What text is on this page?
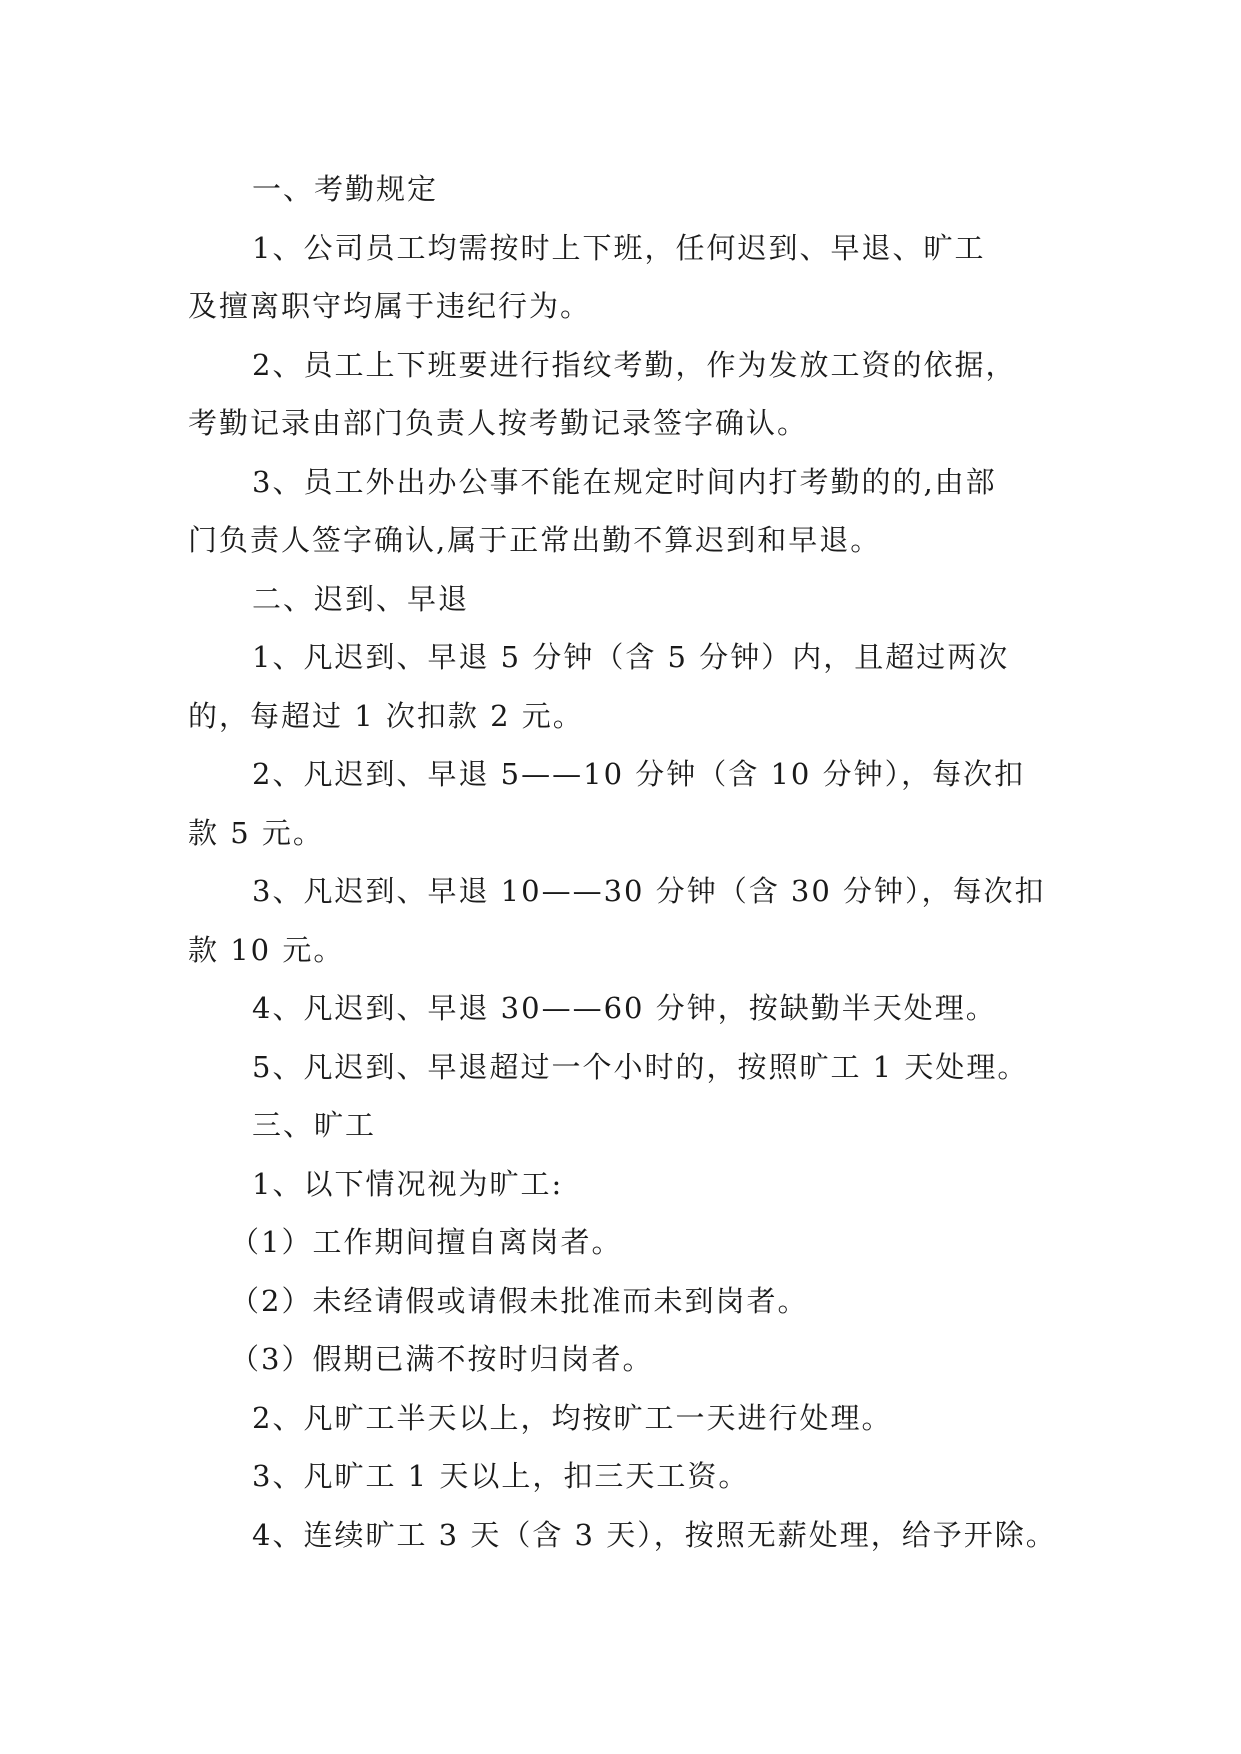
一、考勤规定

1、公司员工均需按时上下班，任何迟到、早退、旷工

及擅离职守均属于违纪行为。

2、员工上下班要进行指纹考勤，作为发放工资的依据，

考勤记录由部门负责人按考勤记录签字确认。

3、员工外出办公事不能在规定时间内打考勤的的,由部

门负责人签字确认,属于正常出勤不算迟到和早退。

二、迟到、早退

1、凡迟到、早退 5 分钟（含 5 分钟）内，且超过两次

的，每超过 1 次扣款 2 元。

2、凡迟到、早退 5——10 分钟（含 10 分钟），每次扣

款 5 元。

3、凡迟到、早退 10——30 分钟（含 30 分钟），每次扣

款 10 元。

4、凡迟到、早退 30——60 分钟，按缺勤半天处理。

5、凡迟到、早退超过一个小时的，按照旷工 1 天处理。

三、旷工

1、以下情况视为旷工:

（1）工作期间擅自离岗者。

（2）未经请假或请假未批准而未到岗者。

（3）假期已满不按时归岗者。

2、凡旷工半天以上，均按旷工一天进行处理。

3、凡旷工 1 天以上，扣三天工资。

4、连续旷工 3 天（含 3 天），按照无薪处理，给予开除。
